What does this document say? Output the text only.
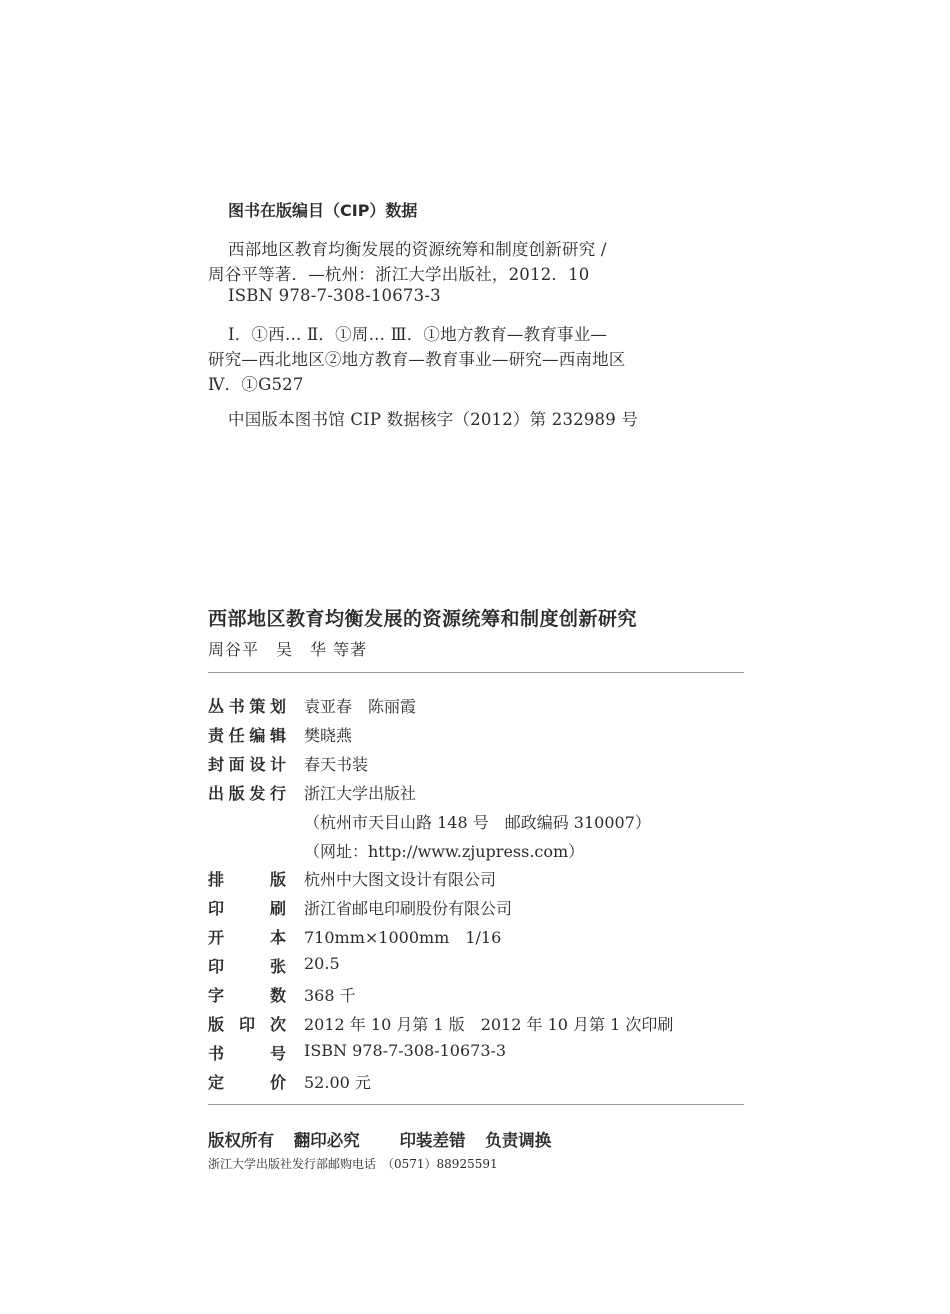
图书在版编目（CIP）数据
西部地区教育均衡发展的资源统筹和制度创新研究 /
周谷平等著．—杭州：浙江大学出版社，2012．10
ISBN 978-7-308-10673-3
Ⅰ．①西… Ⅱ．①周… Ⅲ．①地方教育—教育事业—
研究—西北地区②地方教育—教育事业—研究—西南地区
Ⅳ．①G527
中国版本图书馆 CIP 数据核字（2012）第 232989 号
西部地区教育均衡发展的资源统筹和制度创新研究
周谷平　吴　华 等著
丛 书 策 划 袁亚春　陈丽霞
责 任 编 辑 樊晓燕
封 面 设 计 春天书装
出 版 发 行 浙江大学出版社
（杭州市天目山路 148 号　邮政编码 310007）
（网址：http://www.zjupress.com）
排	版 杭州中大图文设计有限公司
印	刷 浙江省邮电印刷股份有限公司
开	本 710mm×1000mm　1/16
印	张 20.5
字	数 368 千
版 印 次 2012 年 10 月第 1 版　2012 年 10 月第 1 次印刷
书	号 ISBN 978-7-308-10673-3
定	价 52.00 元
版权所有 翻印必究 印装差错 负责调换
浙江大学出版社发行部邮购电话　（0571）88925591
